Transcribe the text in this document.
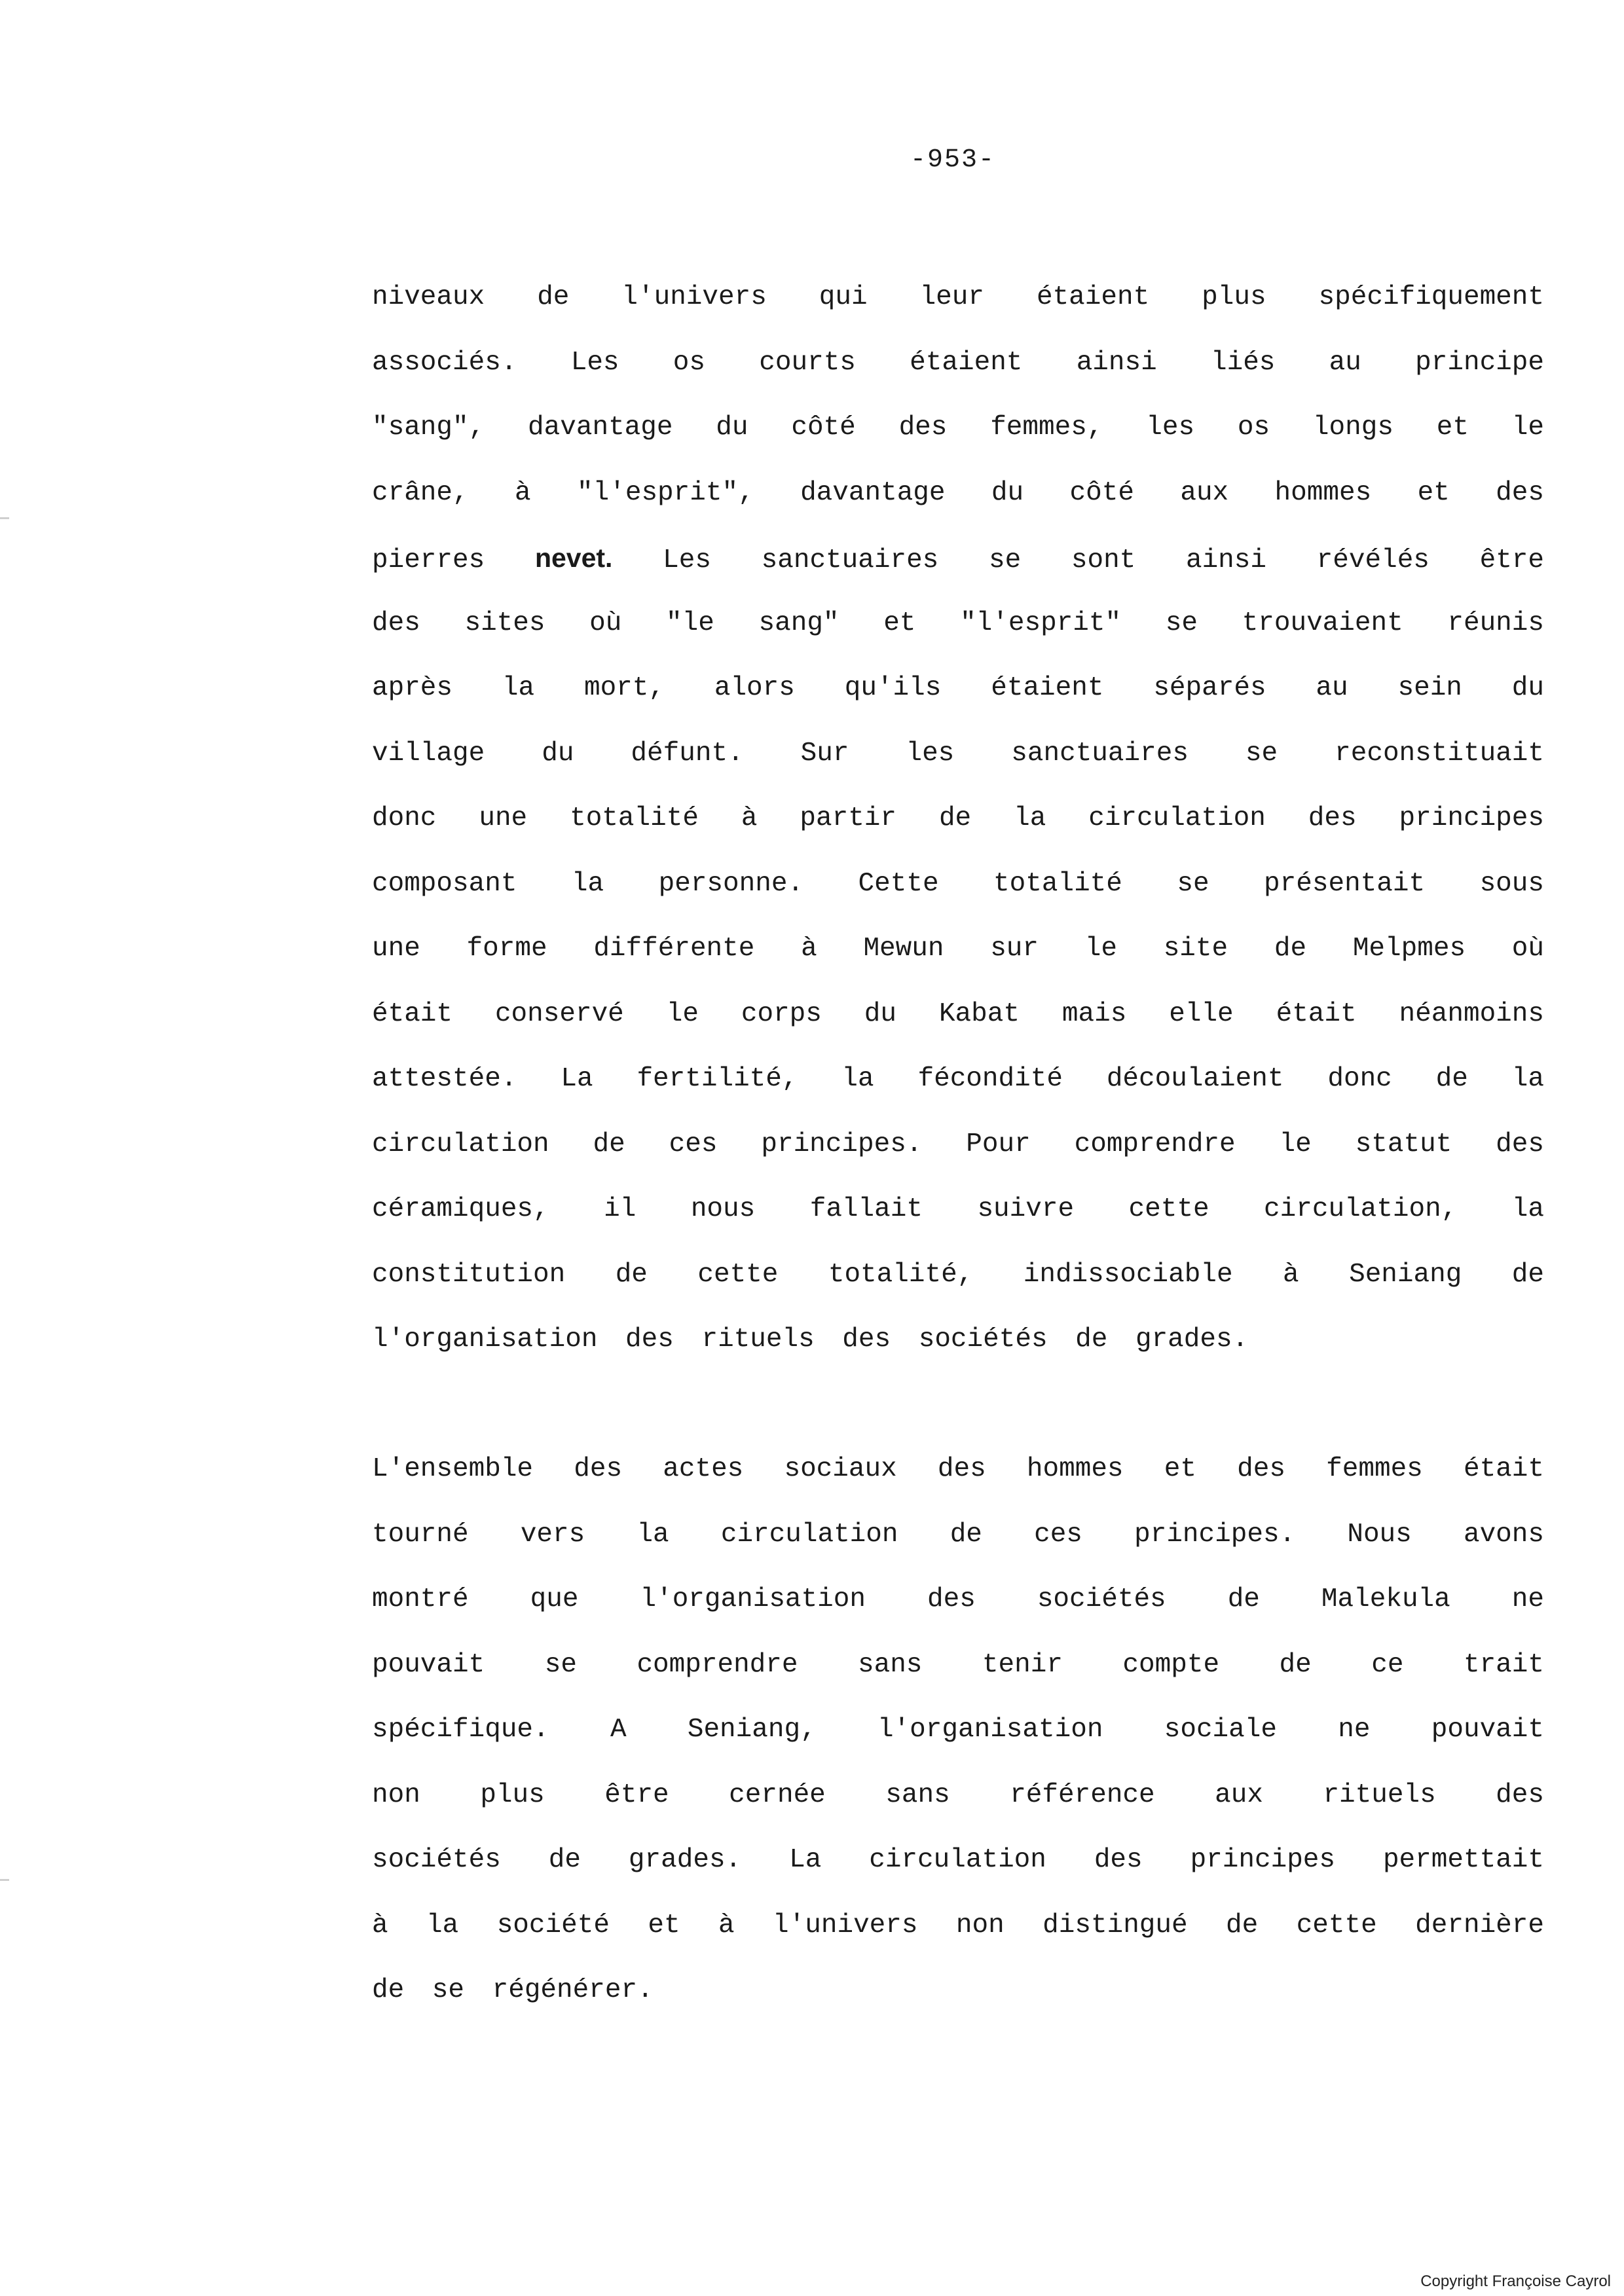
-953-
niveaux de l'univers qui leur étaient plus spécifiquement
associés. Les os courts étaient ainsi liés au principe
"sang", davantage du côté des femmes, les os longs et le
crâne, à "l'esprit", davantage du côté aux hommes et des
pierres nevet. Les sanctuaires se sont ainsi révélés être
des sites où "le sang" et "l'esprit" se trouvaient réunis
après la mort, alors qu'ils étaient séparés au sein du
village du défunt. Sur les sanctuaires se reconstituait
donc une totalité à partir de la circulation des principes
composant la personne. Cette totalité se présentait sous
une forme différente à Mewun sur le site de Melpmes où
était conservé le corps du Kabat mais elle était néanmoins
attestée. La fertilité, la fécondité découlaient donc de la
circulation de ces principes. Pour comprendre le statut des
céramiques, il nous fallait suivre cette circulation, la
constitution de cette totalité, indissociable à Seniang de
l'organisation des rituels des sociétés de grades.
L'ensemble des actes sociaux des hommes et des femmes était
tourné vers la circulation de ces principes. Nous avons
montré que l'organisation des sociétés de Malekula ne
pouvait se comprendre sans tenir compte de ce trait
spécifique. A Seniang, l'organisation sociale ne pouvait
non plus être cernée sans référence aux rituels des
sociétés de grades. La circulation des principes permettait
à la société et à l'univers non distingué de cette dernière
de se régénérer.
Copyright Françoise Cayrol
